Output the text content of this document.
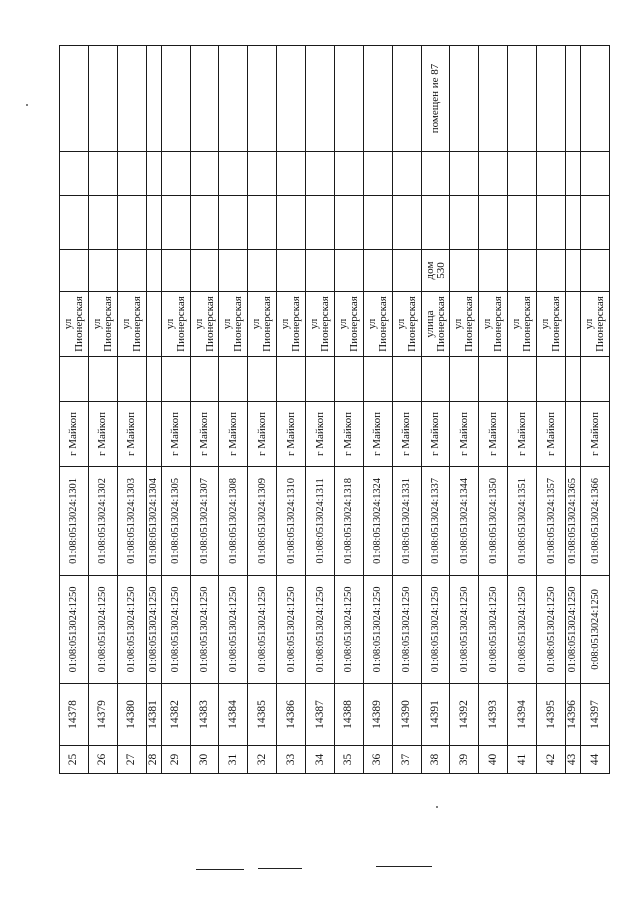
25	14378	01:08:0513024:1250	01:08:0513024:1301	г Майкоп		ул Пионерская				
26	14379	01:08:0513024:1250	01:08:0513024:1302	г Майкоп		ул Пионерская				
27	14380	01:08:0513024:1250	01:08:0513024:1303	г Майкоп		ул Пионерская				
28	14381	01:08:0513024:1250	01:08:0513024:1304							
29	14382	01:08:0513024:1250	01:08:0513024:1305	г Майкоп		ул Пионерская				
30	14383	01:08:0513024:1250	01:08:0513024:1307	г Майкоп		ул Пионерская				
31	14384	01:08:0513024:1250	01:08:0513024:1308	г Майкоп		ул Пионерская				
32	14385	01:08:0513024:1250	01:08:0513024:1309	г Майкоп		ул Пионерская				
33	14386	01:08:0513024:1250	01:08:0513024:1310	г Майкоп		ул Пионерская				
34	14387	01:08:0513024:1250	01:08:0513024:1311	г Майкоп		ул Пионерская				
35	14388	01:08:0513024:1250	01:08:0513024:1318	г Майкоп		ул Пионерская				
36	14389	01:08:0513024:1250	01:08:0513024:1324	г Майкоп		ул Пионерская				
37	14390	01:08:0513024:1250	01:08:0513024:1331	г Майкоп		ул Пионерская				
38	14391	01:08:0513024:1250	01:08:0513024:1337	г Майкоп		улица Пионерская	дом 530			помещен ие 87
39	14392	01:08:0513024:1250	01:08:0513024:1344	г Майкоп		ул Пионерская				
40	14393	01:08:0513024:1250	01:08:0513024:1350	г Майкоп		ул Пионерская				
41	14394	01:08:0513024:1250	01:08:0513024:1351	г Майкоп		ул Пионерская				
42	14395	01:08:0513024:1250	01:08:0513024:1357	г Майкоп		ул Пионерская				
43	14396	01:08:0513024:1250	01:08:0513024:1365							
44	14397	0:08:0513024:1250	01:08:0513024:1366	г Майкоп		ул Пионерская				
